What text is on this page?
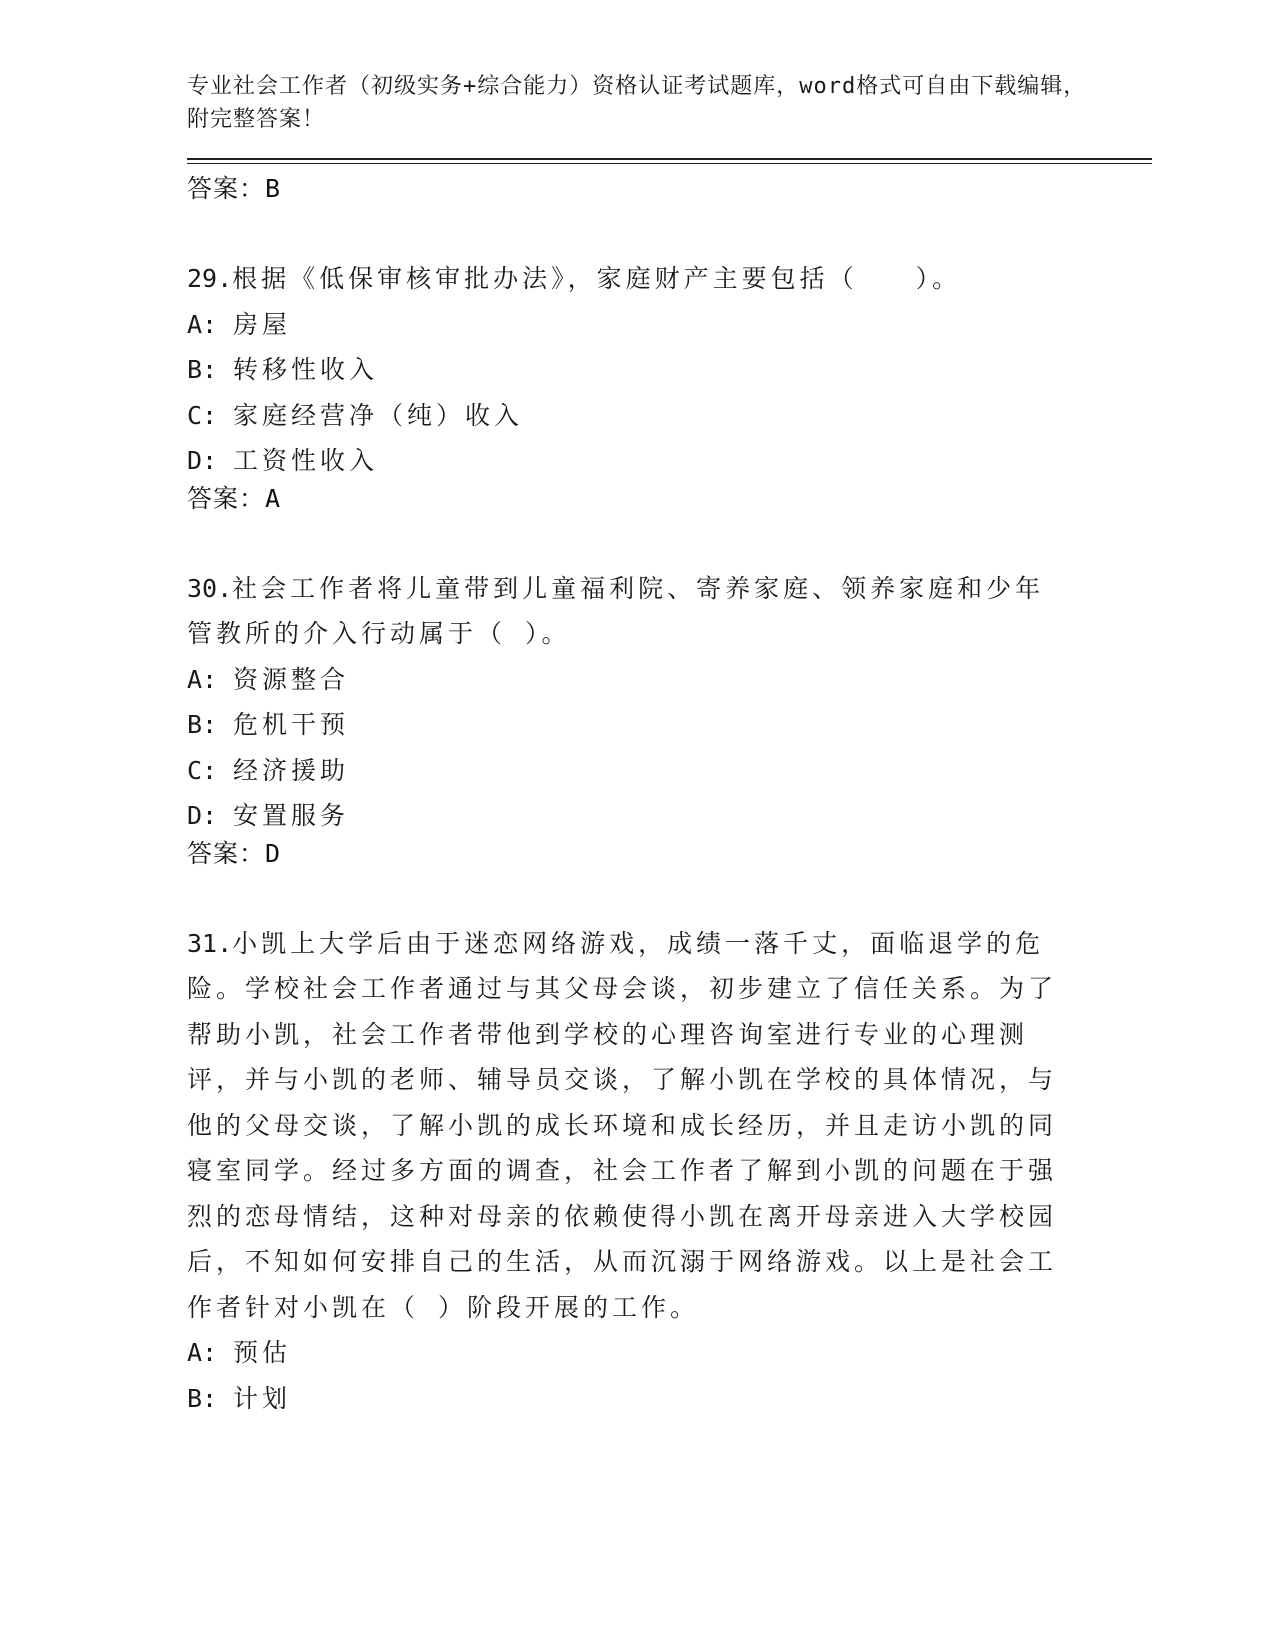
专业社会工作者（初级实务+综合能力）资格认证考试题库，word格式可自由下载编辑，附完整答案！
答案：B
29.根据《低保审核审批办法》，家庭财产主要包括（　　）。
A: 房屋
B: 转移性收入
C: 家庭经营净（纯）收入
D: 工资性收入
答案：A
30.社会工作者将儿童带到儿童福利院、寄养家庭、领养家庭和少年管教所的介入行动属于（ ）。
A: 资源整合
B: 危机干预
C: 经济援助
D: 安置服务
答案：D
31.小凯上大学后由于迷恋网络游戏，成绩一落千丈，面临退学的危险。学校社会工作者通过与其父母会谈，初步建立了信任关系。为了帮助小凯，社会工作者带他到学校的心理咨询室进行专业的心理测评，并与小凯的老师、辅导员交谈，了解小凯在学校的具体情况，与他的父母交谈，了解小凯的成长环境和成长经历，并且走访小凯的同寝室同学。经过多方面的调查，社会工作者了解到小凯的问题在于强烈的恋母情结，这种对母亲的依赖使得小凯在离开母亲进入大学校园后，不知如何安排自己的生活，从而沉溺于网络游戏。以上是社会工作者针对小凯在（ ）阶段开展的工作。
A: 预估
B: 计划
